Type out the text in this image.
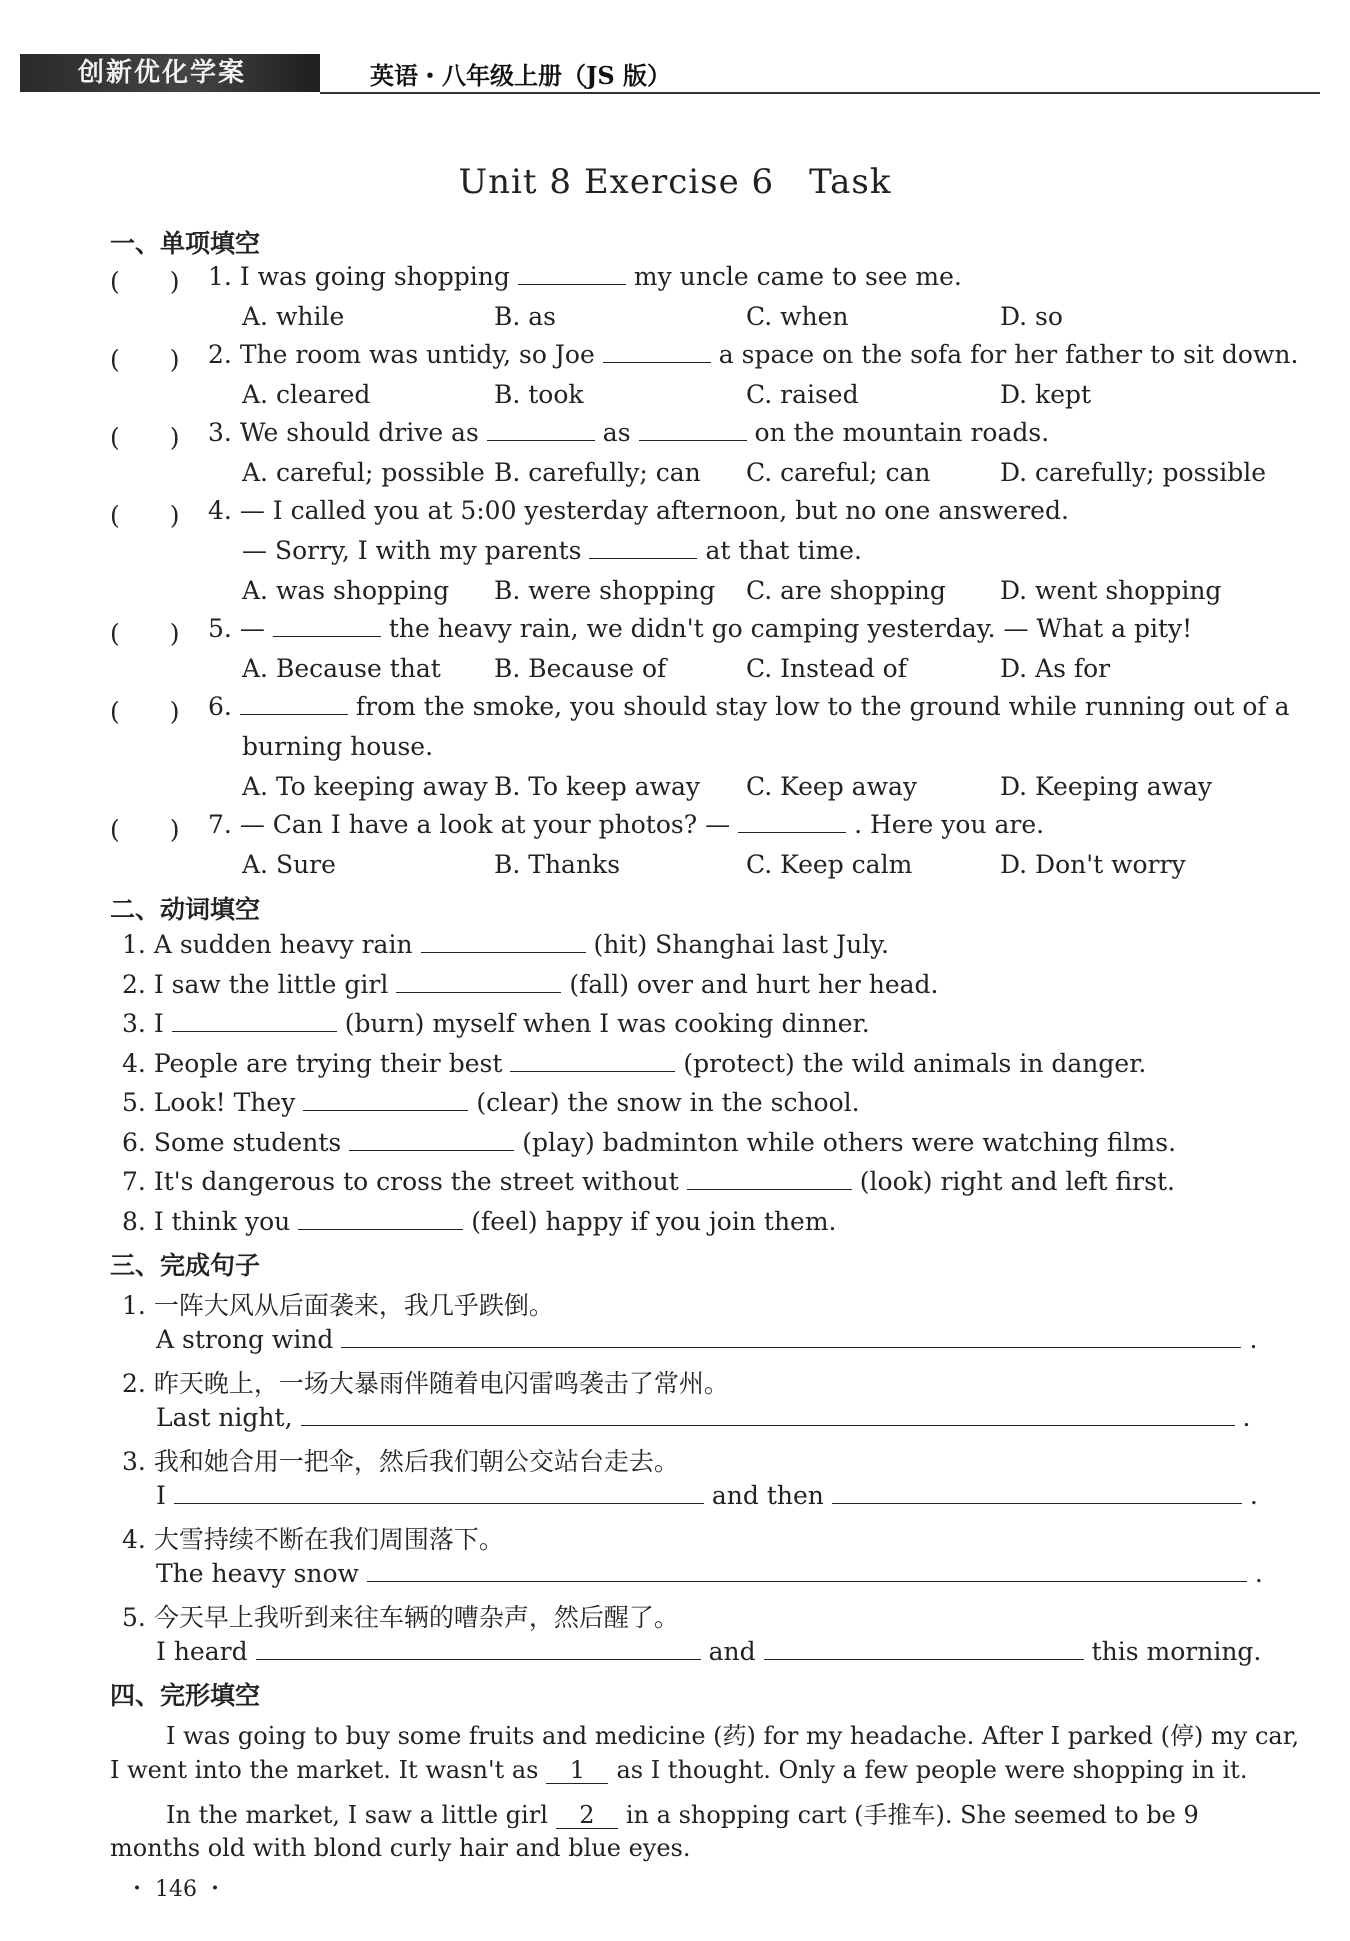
创新优化学案	英语・八年级上册（JS 版）
Unit 8 Exercise 6　Task
一、单项填空
(　　) 1. I was going shopping	my uncle came to see me.
A. while	B. as	C. when	D. so
(　　) 2. The room was untidy, so Joe	a space on the sofa for her father to sit down.
A. cleared	B. took	C. raised	D. kept
(　　) 3. We should drive as	as	on the mountain roads.
A. careful; possible B. carefully; can C. careful; can	D. carefully; possible
(　　) 4. — I called you at 5:00 yesterday afternoon, but no one answered.
— Sorry, I with my parents	at that time.
A. was shopping B. were shopping C. are shopping D. went shopping
(　　) 5. —	the heavy rain, we didn't go camping yesterday. — What a pity!
A. Because that B. Because of	C. Instead of	D. As for
(　　) 6.	from the smoke, you should stay low to the ground while running out of a
burning house.
A. To keeping away B. To keep away C. Keep away	D. Keeping away
(　　) 7. — Can I have a look at your photos? —	. Here you are.
A. Sure	B. Thanks	C. Keep calm	D. Don't worry
二、动词填空
1. A sudden heavy rain	(hit) Shanghai last July.
2. I saw the little girl	(fall) over and hurt her head.
3. I	(burn) myself when I was cooking dinner.
4. People are trying their best	(protect) the wild animals in danger.
5. Look! They	(clear) the snow in the school.
6. Some students	(play) badminton while others were watching films.
7. It's dangerous to cross the street without	(look) right and left first.
8. I think you	(feel) happy if you join them.
三、完成句子
1. 一阵大风从后面袭来，我几乎跌倒。
A strong wind	.
2. 昨天晚上，一场大暴雨伴随着电闪雷鸣袭击了常州。
Last night,	.
3. 我和她合用一把伞，然后我们朝公交站台走去。
I	and then	.
4. 大雪持续不断在我们周围落下。
The heavy snow	.
5. 今天早上我听到来往车辆的嘈杂声，然后醒了。
I heard	and	this morning.
四、完形填空
I was going to buy some fruits and medicine (药) for my headache. After I parked (停) my car,
I went into the market. It wasn't as 1 as I thought. Only a few people were shopping in it.
In the market, I saw a little girl 2 in a shopping cart (手推车). She seemed to be 9
months old with blond curly hair and blue eyes.
・ 146 ・
